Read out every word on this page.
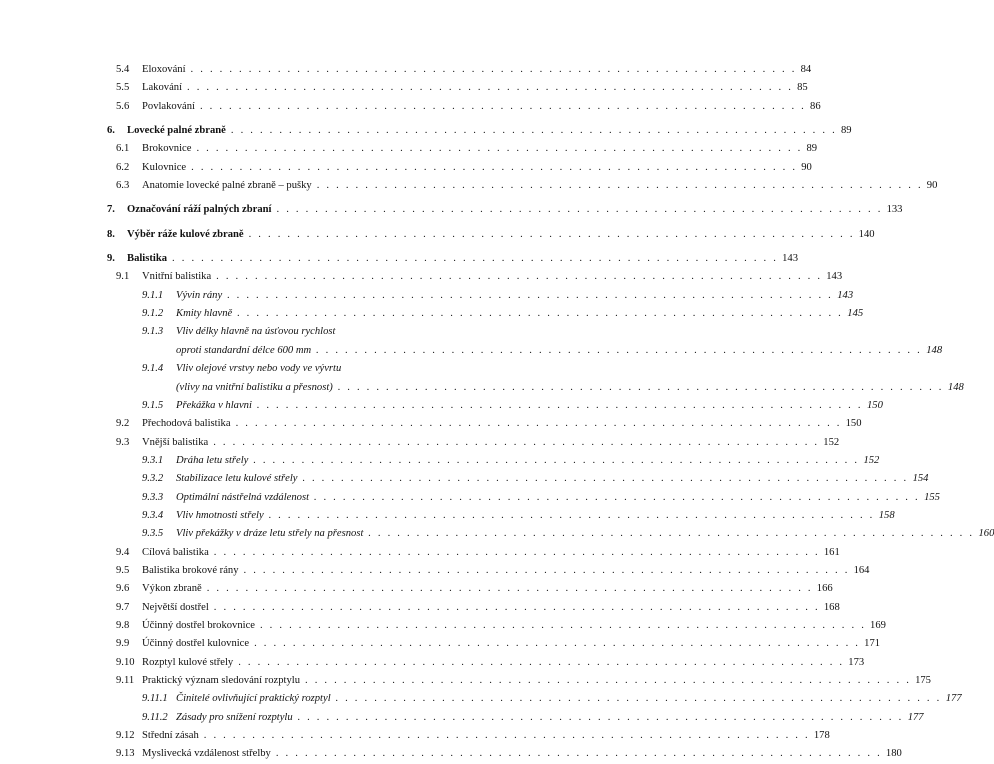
5.4	Eloxování . . . . . . . . . . . . . . . . . . . . . . . . . . . . . . . . . . . . . . . . . . . . . . . . . . . . . . . . . . . . . . . 84
5.5	Lakování . . . . . . . . . . . . . . . . . . . . . . . . . . . . . . . . . . . . . . . . . . . . . . . . . . . . . . . . . . . . . . . 85
5.6	Povlakování . . . . . . . . . . . . . . . . . . . . . . . . . . . . . . . . . . . . . . . . . . . . . . . . . . . . . . . . . . . . . . . 86
6.	Lovecké palné zbraně . . . . . . . . . . . . . . . . . . . . . . . . . . . . . . . . . . . . . . . . . . . . . . . . . . . . . . . . . . . . . . . 89
6.1	Brokovnice . . . . . . . . . . . . . . . . . . . . . . . . . . . . . . . . . . . . . . . . . . . . . . . . . . . . . . . . . . . . . . . 89
6.2	Kulovnice . . . . . . . . . . . . . . . . . . . . . . . . . . . . . . . . . . . . . . . . . . . . . . . . . . . . . . . . . . . . . . . 90
6.3	Anatomie lovecké palné zbraně – pušky . . . . . . . . . . . . . . . . . . . . . . . . . . . . . . . . . . . . . . . . . . . . . . . . . . . . . . . . . . . . . . . 90
7.	Označování ráží palných zbraní . . . . . . . . . . . . . . . . . . . . . . . . . . . . . . . . . . . . . . . . . . . . . . . . . . . . . . . . . . . . . . . 133
8.	Výběr ráže kulové zbraně . . . . . . . . . . . . . . . . . . . . . . . . . . . . . . . . . . . . . . . . . . . . . . . . . . . . . . . . . . . . . . . 140
9.	Balistika . . . . . . . . . . . . . . . . . . . . . . . . . . . . . . . . . . . . . . . . . . . . . . . . . . . . . . . . . . . . . . . 143
9.1	Vnitřní balistika . . . . . . . . . . . . . . . . . . . . . . . . . . . . . . . . . . . . . . . . . . . . . . . . . . . . . . . . . . . . . . . 143
9.1.1	Vývin rány . . . . . . . . . . . . . . . . . . . . . . . . . . . . . . . . . . . . . . . . . . . . . . . . . . . . . . . . . . . . . . . 143
9.1.2	Kmity hlavně . . . . . . . . . . . . . . . . . . . . . . . . . . . . . . . . . . . . . . . . . . . . . . . . . . . . . . . . . . . . . . . 145
9.1.3	Vliv délky hlavně na úsťovou rychlost
oproti standardní délce 600 mm . . . . . . . . . . . . . . . . . . . . . . . . . . . . . . . . . . . . . . . . . . . . . . . . . . . . . . . . . . . . . . . 148
9.1.4	Vliv olejové vrstvy nebo vody ve vývrtu
(vlivy na vnitřní balistiku a přesnost) . . . . . . . . . . . . . . . . . . . . . . . . . . . . . . . . . . . . . . . . . . . . . . . . . . . . . . . . . . . . . . . 148
9.1.5	Překážka v hlavni . . . . . . . . . . . . . . . . . . . . . . . . . . . . . . . . . . . . . . . . . . . . . . . . . . . . . . . . . . . . . . . 150
9.2	Přechodová balistika . . . . . . . . . . . . . . . . . . . . . . . . . . . . . . . . . . . . . . . . . . . . . . . . . . . . . . . . . . . . . . . 150
9.3	Vnější balistika . . . . . . . . . . . . . . . . . . . . . . . . . . . . . . . . . . . . . . . . . . . . . . . . . . . . . . . . . . . . . . . 152
9.3.1	Dráha letu střely . . . . . . . . . . . . . . . . . . . . . . . . . . . . . . . . . . . . . . . . . . . . . . . . . . . . . . . . . . . . . . . 152
9.3.2	Stabilizace letu kulové střely . . . . . . . . . . . . . . . . . . . . . . . . . . . . . . . . . . . . . . . . . . . . . . . . . . . . . . . . . . . . . . . 154
9.3.3	Optimální nástřelná vzdálenost . . . . . . . . . . . . . . . . . . . . . . . . . . . . . . . . . . . . . . . . . . . . . . . . . . . . . . . . . . . . . . . 155
9.3.4	Vliv hmotnosti střely . . . . . . . . . . . . . . . . . . . . . . . . . . . . . . . . . . . . . . . . . . . . . . . . . . . . . . . . . . . . . . . 158
9.3.5	Vliv překážky v dráze letu střely na přesnost . . . . . . . . . . . . . . . . . . . . . . . . . . . . . . . . . . . . . . . . . . . . . . . . . . . . . . . . . . . . . . . 160
9.4	Cílová balistika . . . . . . . . . . . . . . . . . . . . . . . . . . . . . . . . . . . . . . . . . . . . . . . . . . . . . . . . . . . . . . . 161
9.5	Balistika brokové rány . . . . . . . . . . . . . . . . . . . . . . . . . . . . . . . . . . . . . . . . . . . . . . . . . . . . . . . . . . . . . . . 164
9.6	Výkon zbraně . . . . . . . . . . . . . . . . . . . . . . . . . . . . . . . . . . . . . . . . . . . . . . . . . . . . . . . . . . . . . . . 166
9.7	Největší dostřel . . . . . . . . . . . . . . . . . . . . . . . . . . . . . . . . . . . . . . . . . . . . . . . . . . . . . . . . . . . . . . . 168
9.8	Účinný dostřel brokovnice . . . . . . . . . . . . . . . . . . . . . . . . . . . . . . . . . . . . . . . . . . . . . . . . . . . . . . . . . . . . . . . 169
9.9	Účinný dostřel kulovnice . . . . . . . . . . . . . . . . . . . . . . . . . . . . . . . . . . . . . . . . . . . . . . . . . . . . . . . . . . . . . . . 171
9.10 Rozptyl kulové střely . . . . . . . . . . . . . . . . . . . . . . . . . . . . . . . . . . . . . . . . . . . . . . . . . . . . . . . . . . . . . . . 173
9.11 Praktický význam sledování rozptylu . . . . . . . . . . . . . . . . . . . . . . . . . . . . . . . . . . . . . . . . . . . . . . . . . . . . . . . . . . . . . . . 175
9.11.1 Činitelé ovlivňující praktický rozptyl . . . . . . . . . . . . . . . . . . . . . . . . . . . . . . . . . . . . . . . . . . . . . . . . . . . . . . . . . . . . . . . 177
9.11.2 Zásady pro snížení rozptylu . . . . . . . . . . . . . . . . . . . . . . . . . . . . . . . . . . . . . . . . . . . . . . . . . . . . . . . . . . . . . . . 177
9.12 Střední zásah . . . . . . . . . . . . . . . . . . . . . . . . . . . . . . . . . . . . . . . . . . . . . . . . . . . . . . . . . . . . . . . 178
9.13 Myslivecká vzdálenost střelby . . . . . . . . . . . . . . . . . . . . . . . . . . . . . . . . . . . . . . . . . . . . . . . . . . . . . . . . . . . . . . . 180
